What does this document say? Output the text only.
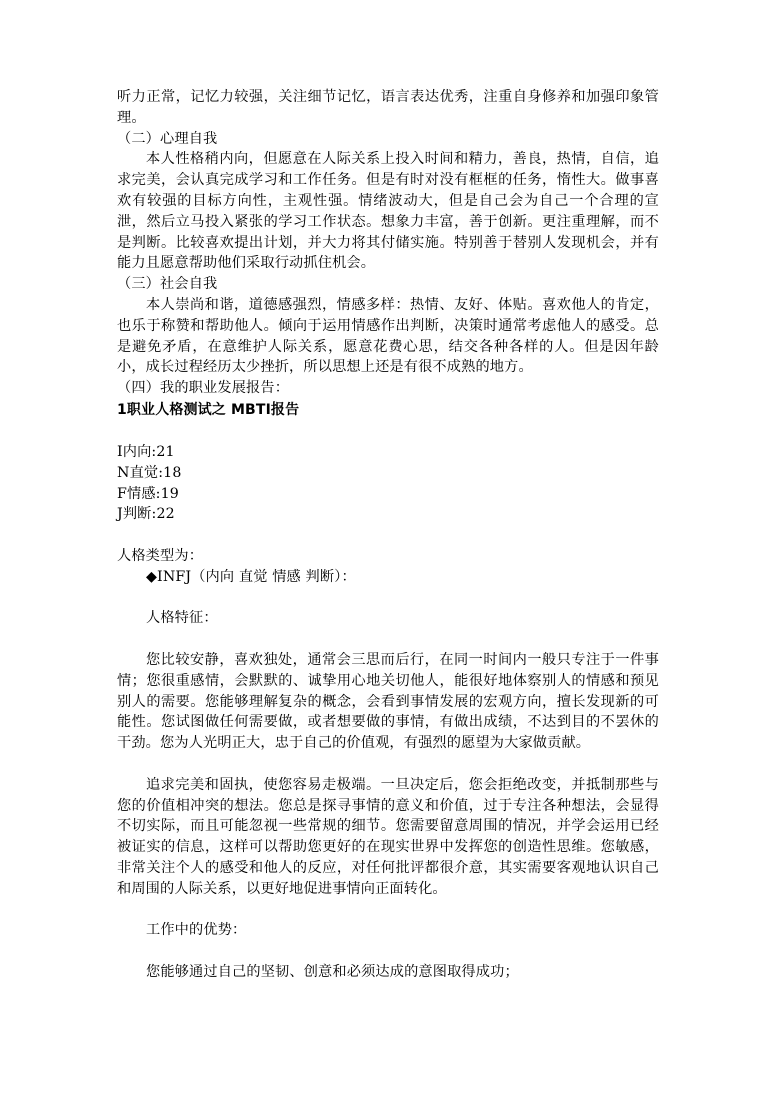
听力正常，记忆力较强，关注细节记忆，语言表达优秀，注重自身修养和加强印象管理。

（二）心理自我

本人性格稍内向，但愿意在人际关系上投入时间和精力，善良，热情，自信，追求完美，会认真完成学习和工作任务。但是有时对没有框框的任务，惰性大。做事喜欢有较强的目标方向性，主观性强。情绪波动大，但是自己会为自己一个合理的宣泄，然后立马投入紧张的学习工作状态。想象力丰富，善于创新。更注重理解，而不是判断。比较喜欢提出计划，并大力将其付储实施。特别善于替别人发现机会，并有能力且愿意帮助他们采取行动抓住机会。

（三）社会自我

本人崇尚和谐，道德感强烈，情感多样：热情、友好、体贴。喜欢他人的肯定，也乐于称赞和帮助他人。倾向于运用情感作出判断，决策时通常考虑他人的感受。总是避免矛盾，在意维护人际关系，愿意花费心思，结交各种各样的人。但是因年龄小，成长过程经历太少挫折，所以思想上还是有很不成熟的地方。

（四）我的职业发展报告：

1职业人格测试之 MBTI报告

I内向:21

N直觉:18

F情感:19

J判断:22

人格类型为：

◆INFJ（内向 直觉 情感 判断）：

人格特征：

您比较安静，喜欢独处，通常会三思而后行，在同一时间内一般只专注于一件事情；您很重感情，会默默的、诚挚用心地关切他人，能很好地体察别人的情感和预见别人的需要。您能够理解复杂的概念，会看到事情发展的宏观方向，擅长发现新的可能性。您试图做任何需要做，或者想要做的事情，有做出成绩，不达到目的不罢休的干劲。您为人光明正大，忠于自己的价值观，有强烈的愿望为大家做贡献。

追求完美和固执，使您容易走极端。一旦决定后，您会拒绝改变，并抵制那些与您的价值相冲突的想法。您总是探寻事情的意义和价值，过于专注各种想法，会显得不切实际，而且可能忽视一些常规的细节。您需要留意周围的情况，并学会运用已经被证实的信息，这样可以帮助您更好的在现实世界中发挥您的创造性思维。您敏感，非常关注个人的感受和他人的反应，对任何批评都很介意，其实需要客观地认识自己和周围的人际关系，以更好地促进事情向正面转化。

工作中的优势：

您能够通过自己的坚韧、创意和必须达成的意图取得成功；
